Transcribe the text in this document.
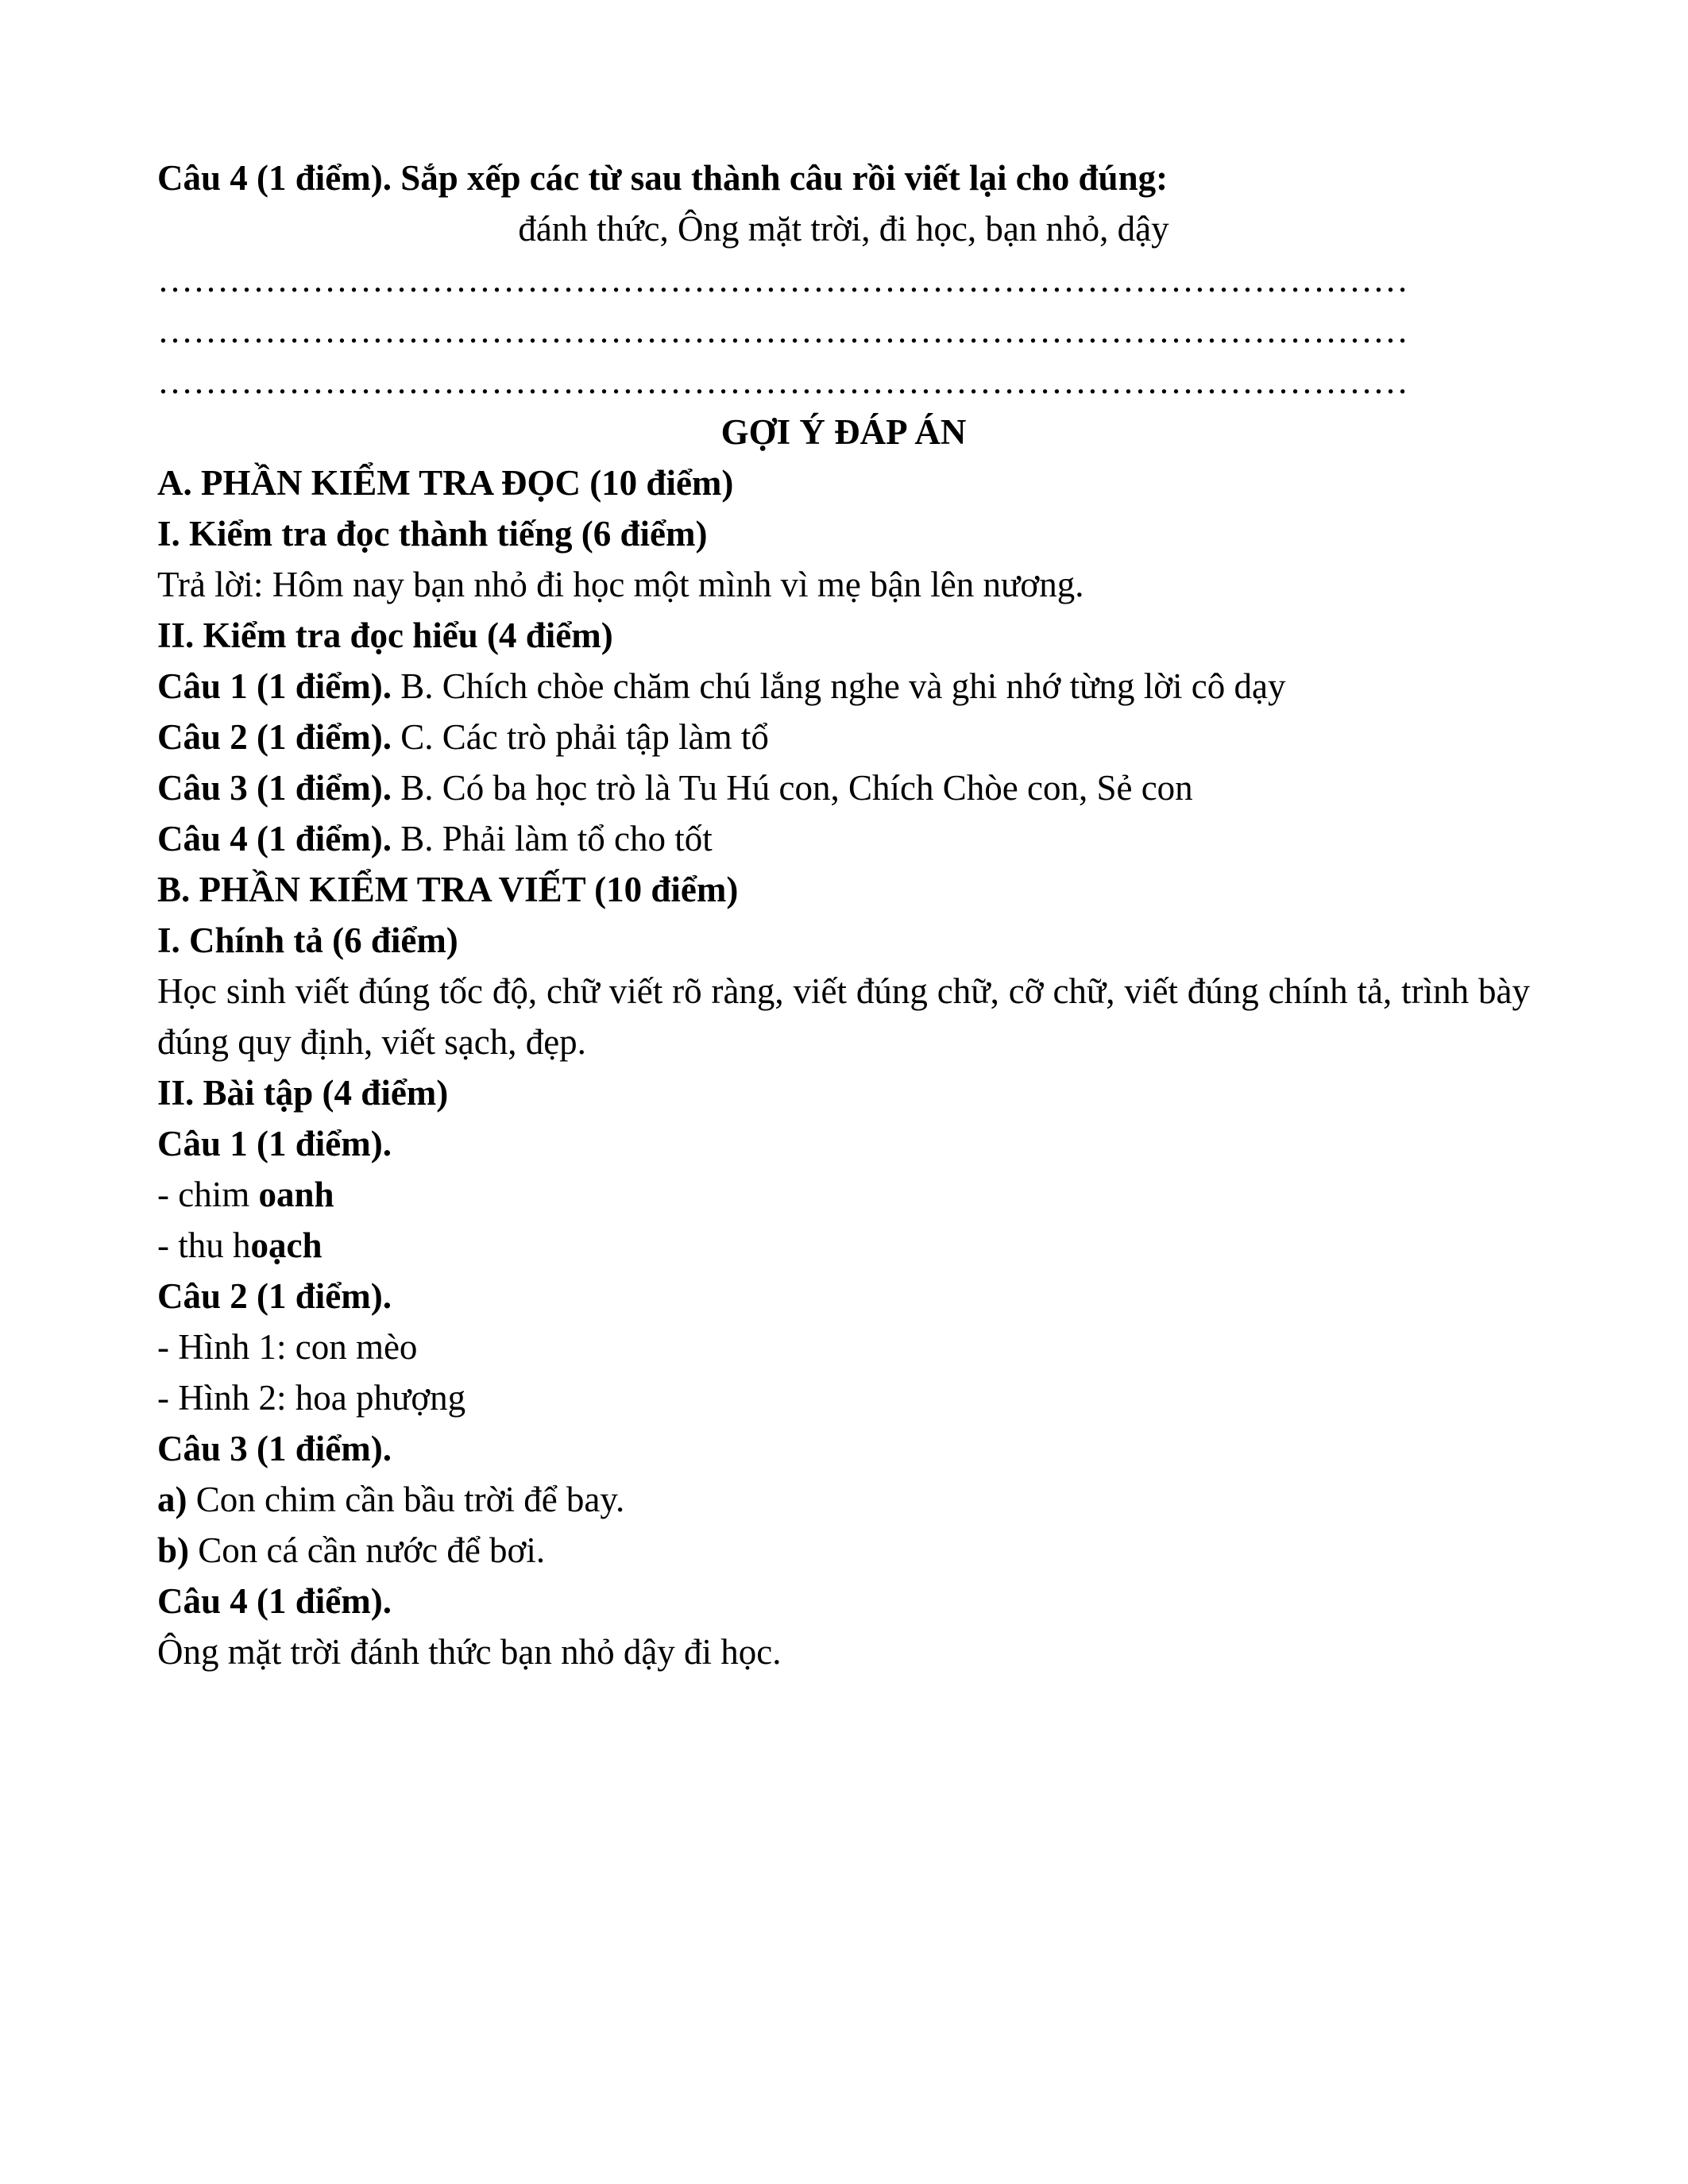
Câu 4 (1 điểm). Sắp xếp các từ sau thành câu rồi viết lại cho đúng:

đánh thức, Ông mặt trời, đi học, bạn nhỏ, dậy

……………………………………………………………………………………………

……………………………………………………………………………………………

……………………………………………………………………………………………

GỢI Ý ĐÁP ÁN

A. PHẦN KIỂM TRA ĐỌC (10 điểm)

I. Kiểm tra đọc thành tiếng (6 điểm)

Trả lời: Hôm nay bạn nhỏ đi học một mình vì mẹ bận lên nương.

II. Kiểm tra đọc hiểu (4 điểm)

Câu 1 (1 điểm). B. Chích chòe chăm chú lắng nghe và ghi nhớ từng lời cô dạy

Câu 2 (1 điểm). C. Các trò phải tập làm tổ

Câu 3 (1 điểm). B. Có ba học trò là Tu Hú con, Chích Chòe con, Sẻ con

Câu 4 (1 điểm). B. Phải làm tổ cho tốt

B. PHẦN KIỂM TRA VIẾT (10 điểm)

I. Chính tả (6 điểm)

Học sinh viết đúng tốc độ, chữ viết rõ ràng, viết đúng chữ, cỡ chữ, viết đúng chính tả, trình bày đúng quy định, viết sạch, đẹp.

II. Bài tập (4 điểm)

Câu 1 (1 điểm).

- chim oanh

- thu hoạch

Câu 2 (1 điểm).

- Hình 1: con mèo

- Hình 2: hoa phượng

Câu 3 (1 điểm).

a) Con chim cần bầu trời để bay.

b) Con cá cần nước để bơi.

Câu 4 (1 điểm).

Ông mặt trời đánh thức bạn nhỏ dậy đi học.
